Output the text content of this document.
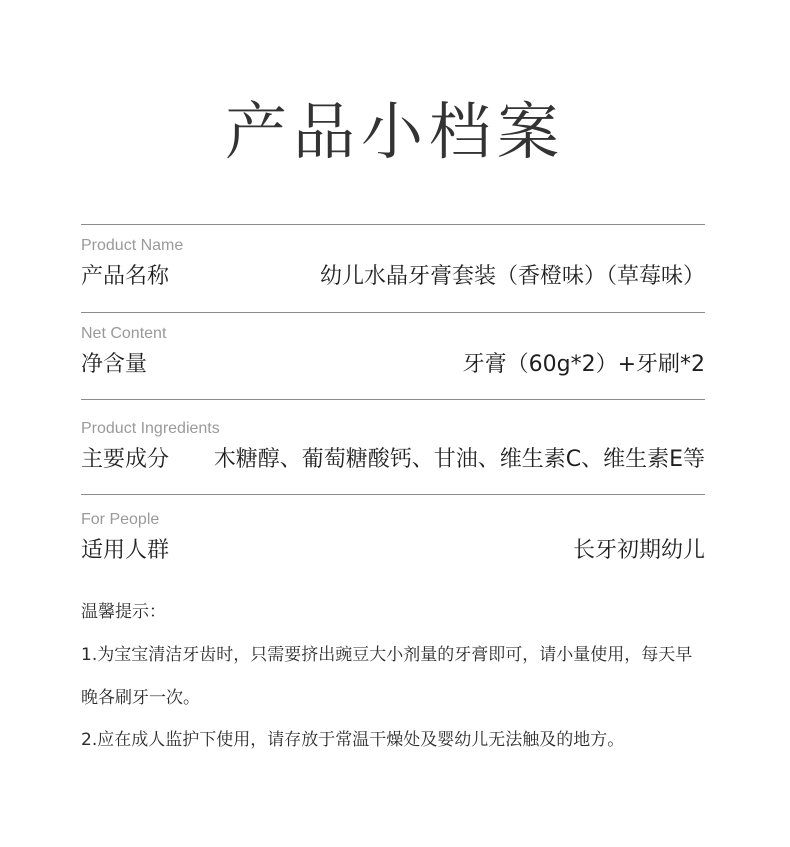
产品小档案
Product Name
产品名称	幼儿水晶牙膏套装（香橙味）（草莓味）
Net Content
净含量	牙膏（60g*2）+牙刷*2
Product Ingredients
主要成分 木糖醇、葡萄糖酸钙、甘油、维生素C、维生素E等
For People
适用人群	长牙初期幼儿
温馨提示：
1.为宝宝清洁牙齿时，只需要挤出豌豆大小剂量的牙膏即可，请小量使用，每天早
晚各刷牙一次。
2.应在成人监护下使用，请存放于常温干燥处及婴幼儿无法触及的地方。
